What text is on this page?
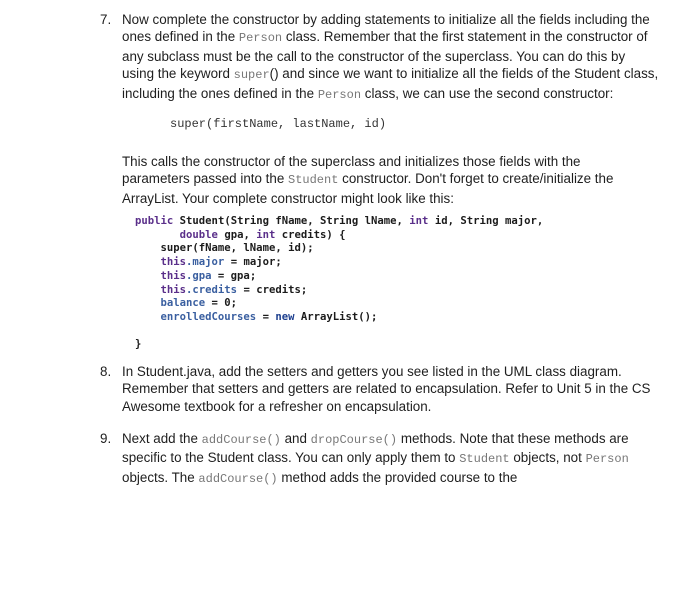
7. Now complete the constructor by adding statements to initialize all the fields including the ones defined in the Person class. Remember that the first statement in the constructor of any subclass must be the call to the constructor of the superclass. You can do this by using the keyword super() and since we want to initialize all the fields of the Student class, including the ones defined in the Person class, we can use the second constructor:
super(firstName, lastName, id)
This calls the constructor of the superclass and initializes those fields with the parameters passed into the Student constructor. Don't forget to create/initialize the ArrayList. Your complete constructor might look like this:
public Student(String fName, String lName, int id, String major,
double gpa, int credits) {
super(fName, lName, id);
this.major = major;
this.gpa = gpa;
this.credits = credits;
balance = 0;
enrolledCourses = new ArrayList();

}
8. In Student.java, add the setters and getters you see listed in the UML class diagram. Remember that setters and getters are related to encapsulation. Refer to Unit 5 in the CS Awesome textbook for a refresher on encapsulation.
9. Next add the addCourse() and dropCourse() methods. Note that these methods are specific to the Student class. You can only apply them to Student objects, not Person objects. The addCourse() method adds the provided course to the
